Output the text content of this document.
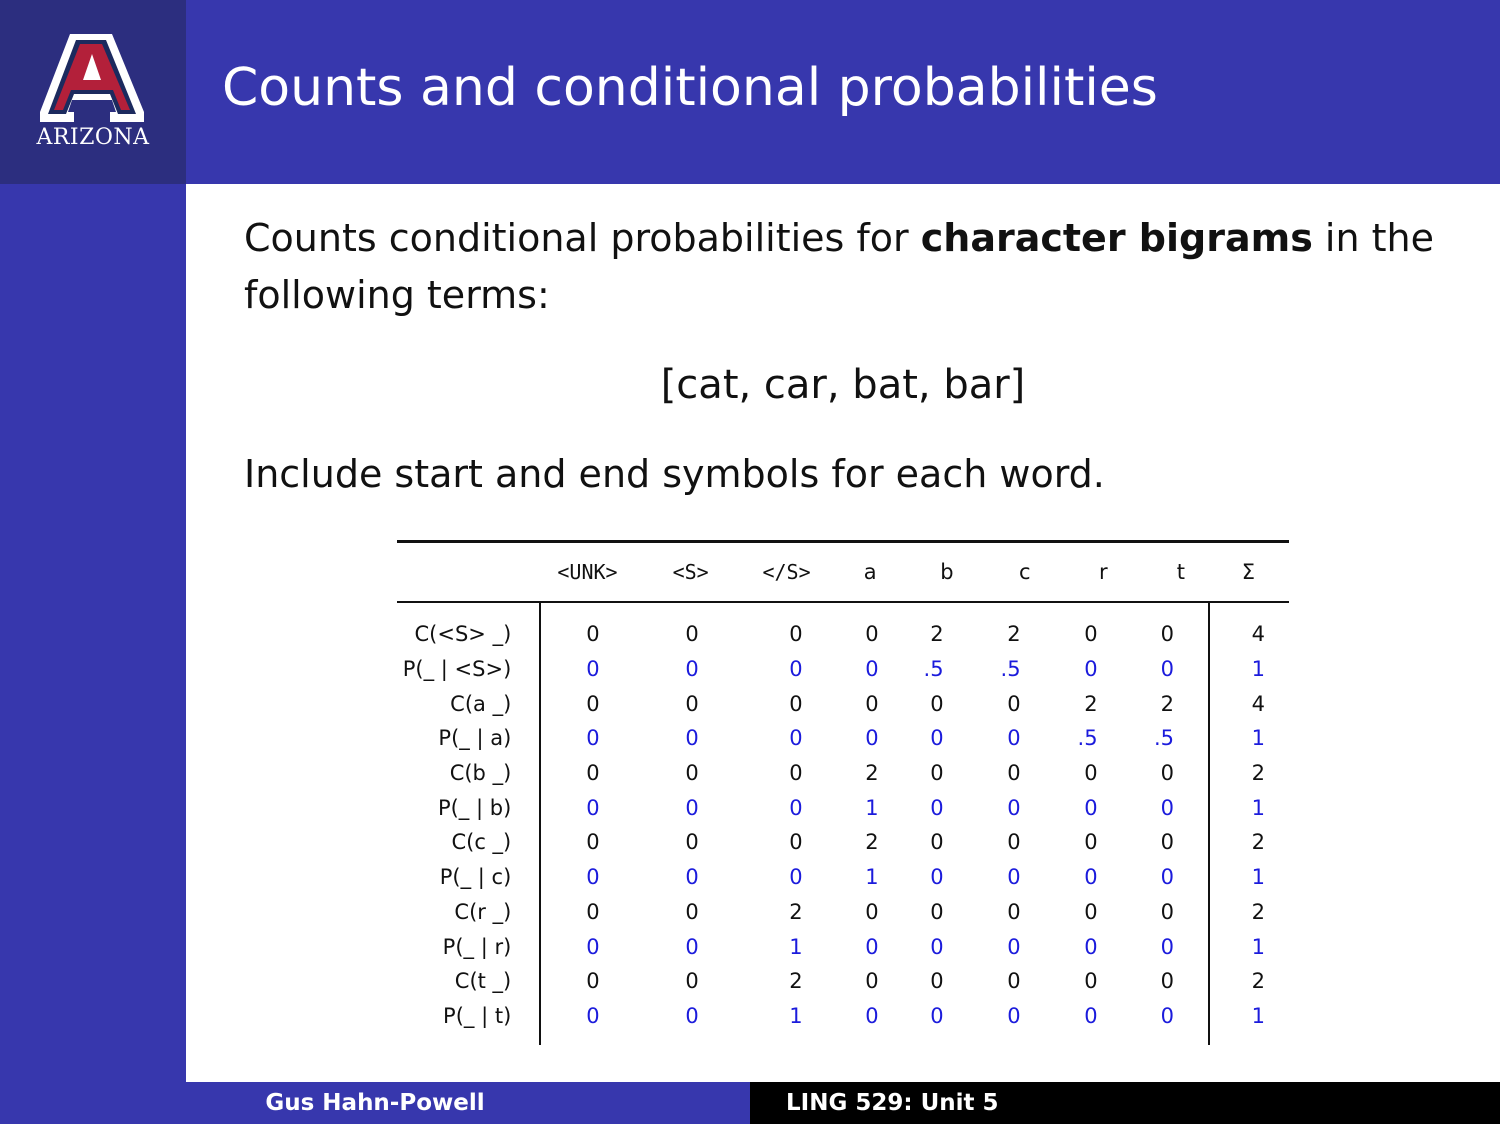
ARIZONA
Counts and conditional probabilities

Counts conditional probabilities for character bigrams in the following terms:

[cat, car, bat, bar]
Include start and end symbols for each word.
	<UNK>	<S>	</S>	a	b	c	r	t	Σ
C(<S> _)	0	0	0	0	2	2	0	0	4
P(_ | <S>)	0	0	0	0	.5	.5	0	0	1
C(a _)	0	0	0	0	0	0	2	2	4
P(_ | a)	0	0	0	0	0	0	.5	.5	1
C(b _)	0	0	0	2	0	0	0	0	2
P(_ | b)	0	0	0	1	0	0	0	0	1
C(c _)	0	0	0	2	0	0	0	0	2
P(_ | c)	0	0	0	1	0	0	0	0	1
C(r _)	0	0	2	0	0	0	0	0	2
P(_ | r)	0	0	1	0	0	0	0	0	1
C(t _)	0	0	2	0	0	0	0	0	2
P(_ | t)	0	0	1	0	0	0	0	0	1
Gus Hahn-Powell	LING 529: Unit 5
